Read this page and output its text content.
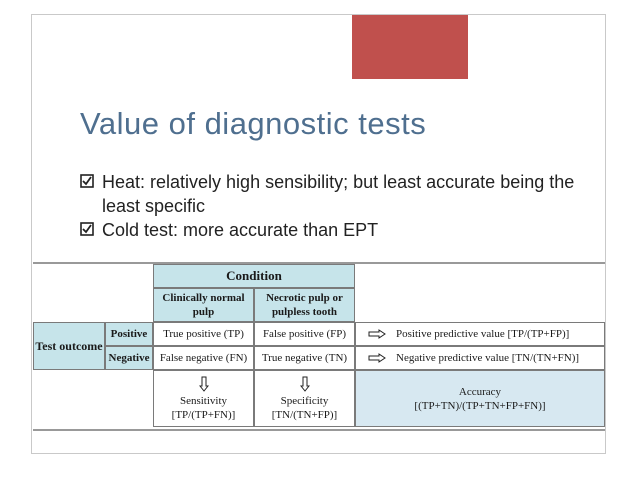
Value of diagnostic tests
Heat: relatively high sensibility; but least accurate being the least specific
Cold test: more accurate than EPT
Condition
Clinically normal pulp
Necrotic pulp or pulpless tooth
Test outcome
Positive
Negative
True positive (TP)	False positive (FP)
False negative (FN)	True negative (TN)
Positive predictive value [TP/(TP+FP)]
Negative predictive value [TN/(TN+FN)]
Sensitivity
[TP/(TP+FN)]
Specificity
[TN/(TN+FP)]
Accuracy
[(TP+TN)/(TP+TN+FP+FN)]
